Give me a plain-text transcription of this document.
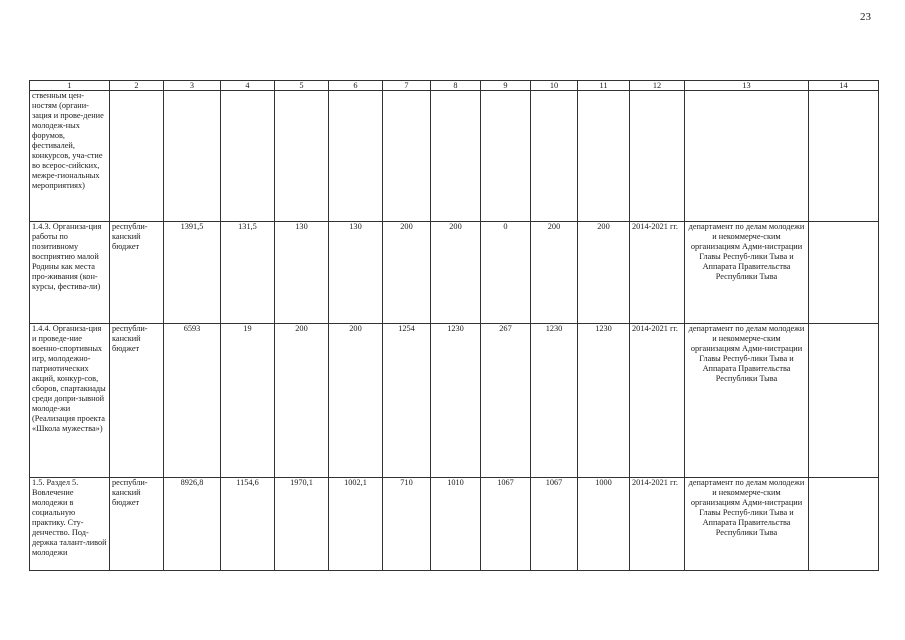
23
1	2	3	4	5	6	7	8	9	10	11	12	13	14
ственным цен-ностям (органи-зация и прове-дение молодеж-ных форумов, фестивалей, конкурсов, уча-стие во всерос-сийских, межре-гиональных мероприятиях)													
1.4.3. Организа-ция работы по позитивному восприятию малой Родины как места про-живания (кон-курсы, фестива-ли)	республи-канский бюджет	1391,5	131,5	130	130	200	200	0	200	200	2014-2021 гг.	департамент по делам молодежи и некоммерче-ским организациям Адми-нистрации Главы Респуб-лики Тыва и Аппарата Правительства Республики Тыва	
1.4.4. Организа-ция и проведе-ние военно-спортивных игр, молодежно-патриотических акций, конкур-сов, сборов, спартакиады среди допри-зывной молоде-жи (Реализация проекта «Школа мужества»)	республи-канский бюджет	6593	19	200	200	1254	1230	267	1230	1230	2014-2021 гг.	департамент по делам молодежи и некоммерче-ским организациям Адми-нистрации Главы Респуб-лики Тыва и Аппарата Правительства Республики Тыва	
1.5. Раздел 5. Вовлечение молодежи в социальную практику. Сту-денчество. Под-держка талант-ливой молодежи	республи-канский бюджет	8926,8	1154,6	1970,1	1002,1	710	1010	1067	1067	1000	2014-2021 гг.	департамент по делам молодежи и некоммерче-ским организациям Адми-нистрации Главы Респуб-лики Тыва и Аппарата Правительства Республики Тыва	
